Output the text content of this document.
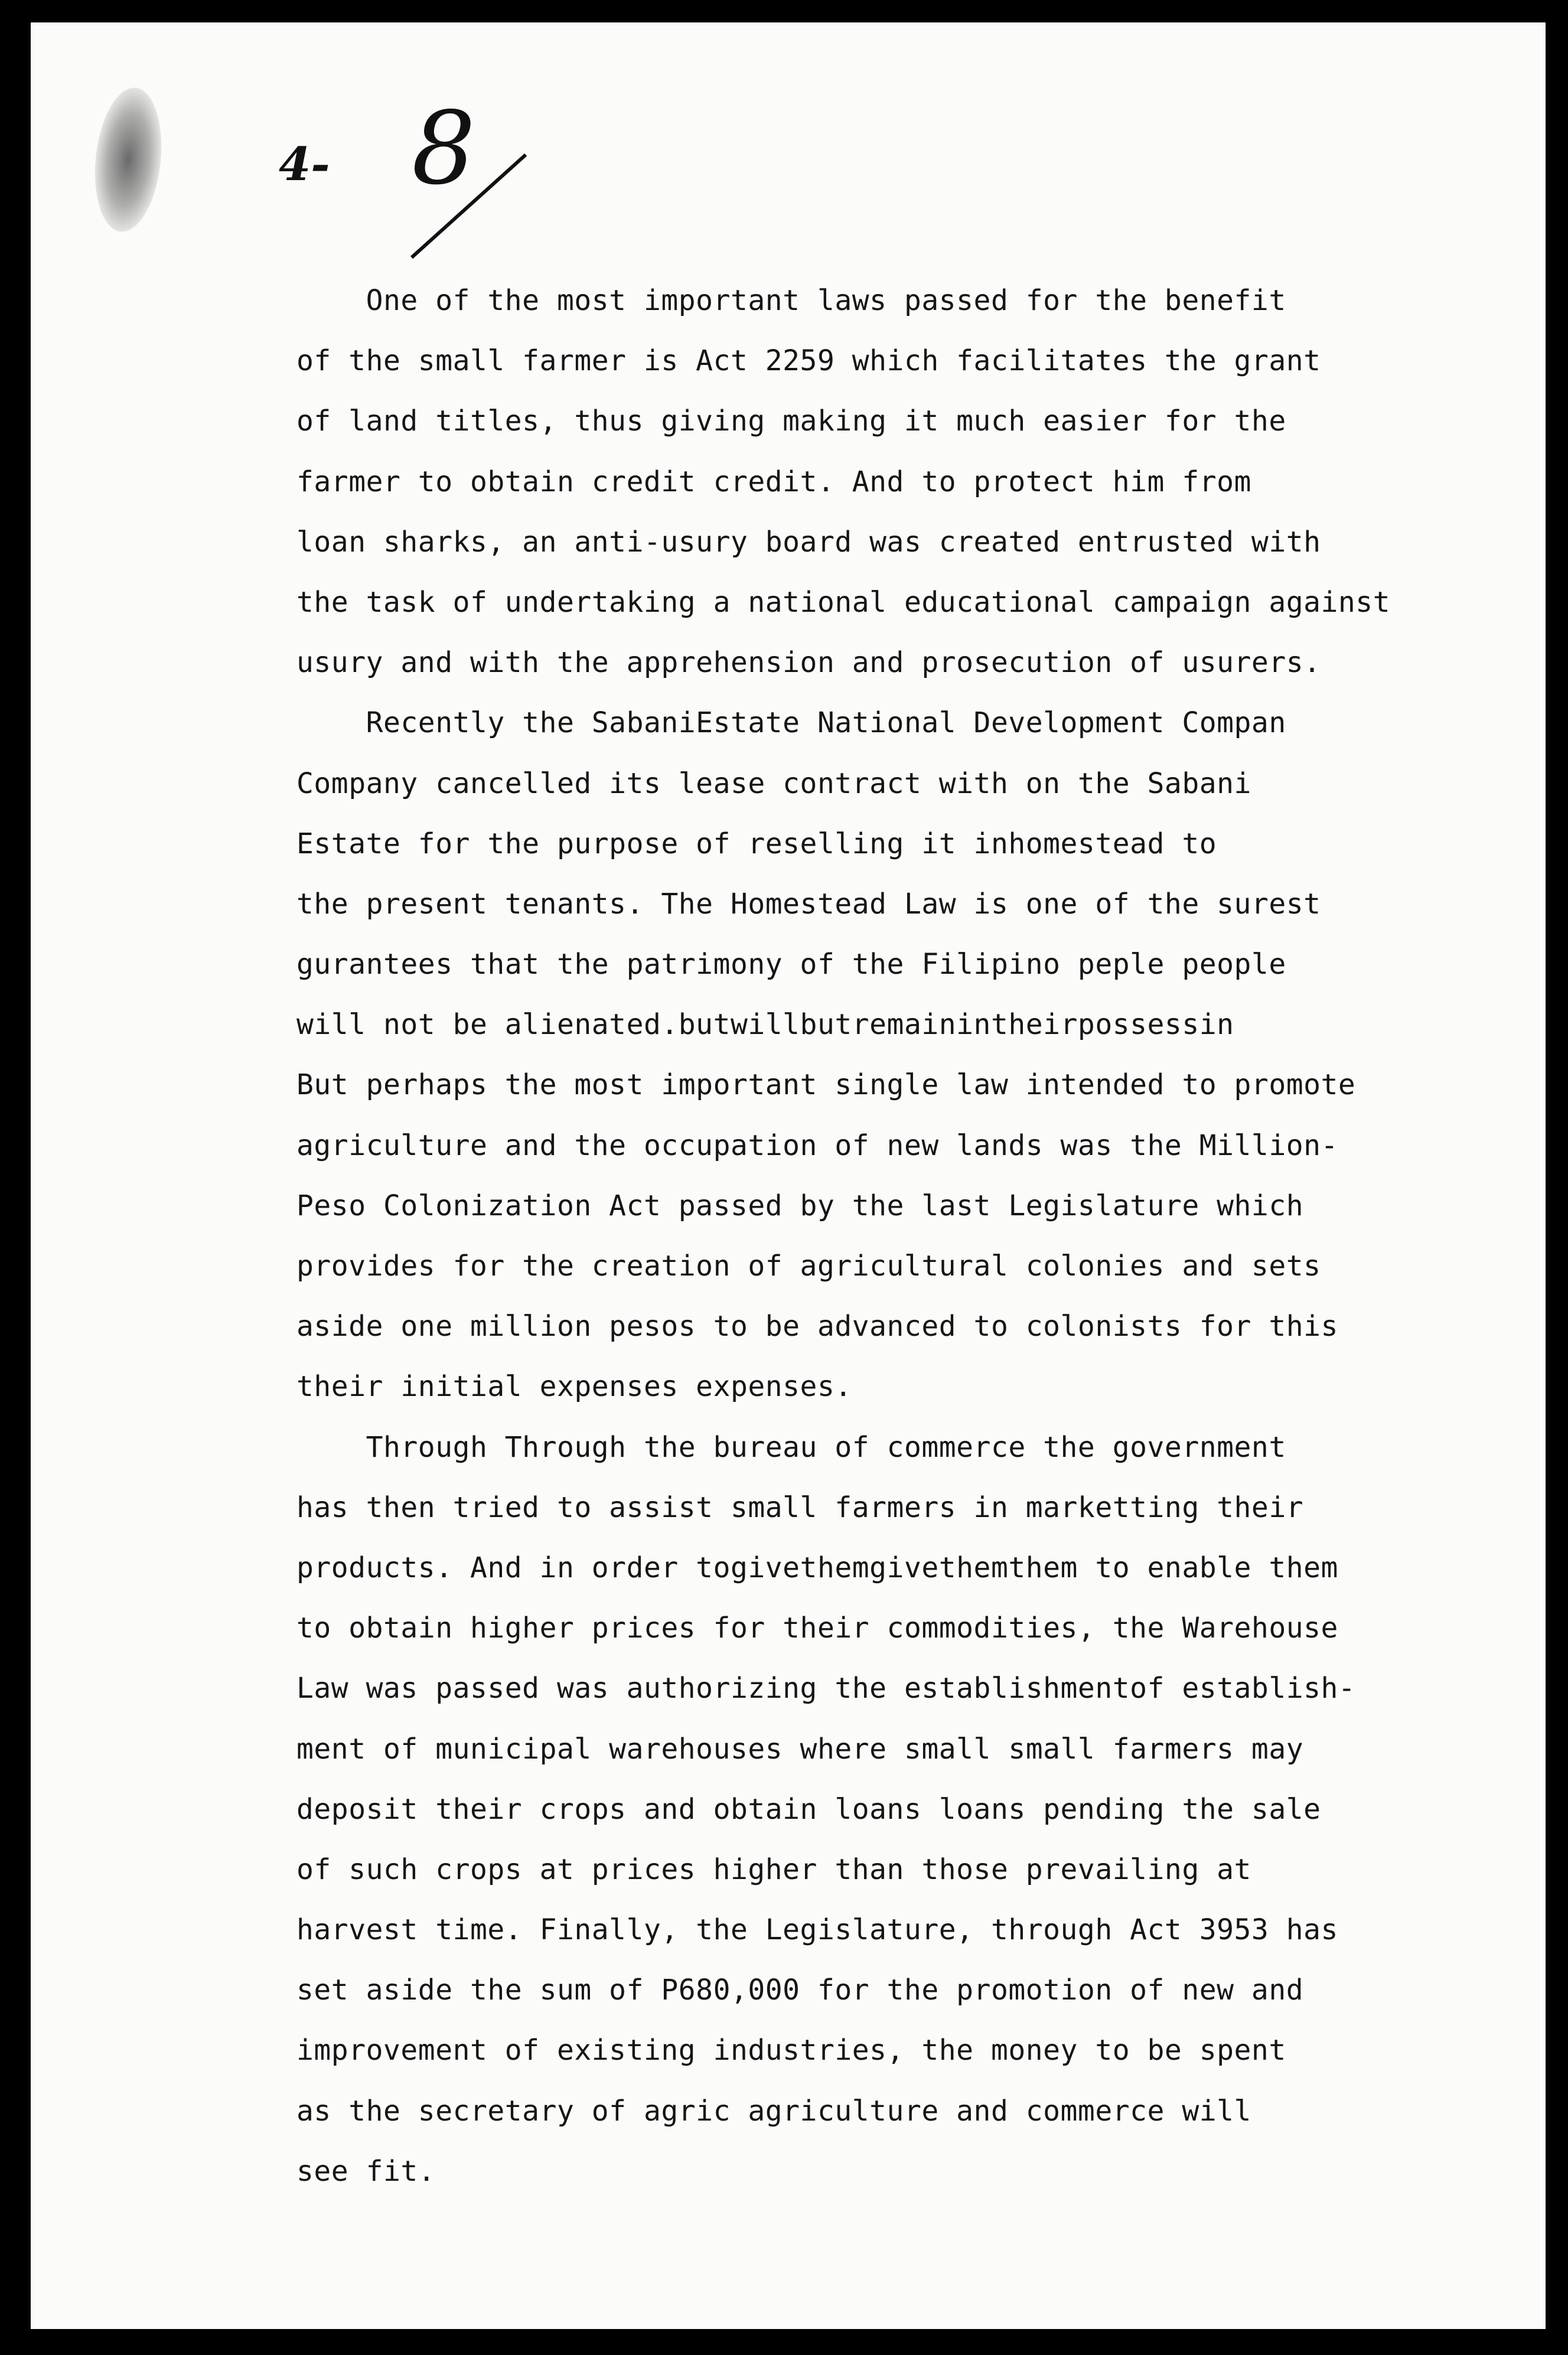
4- 8
One of the most important laws passed for the benefit
of the small farmer is Act 2259 which facilitates the grant
of land titles, thus giving making it much easier for the
farmer to obtain credit credit. And to protect him from
loan sharks, an anti-usury board was created entrusted with
the task of undertaking a national educational campaign against
usury and with the apprehension and prosecution of usurers.
Recently the SabaniEstate National Development Compan
Company cancelled its lease contract with on the Sabani
Estate for the purpose of reselling it inhomestead to
the present tenants. The Homestead Law is one of the surest
gurantees that the patrimony of the Filipino peple people
will not be alienated.butwillbutremainintheirpossessin
But perhaps the most important single law intended to promote
agriculture and the occupation of new lands was the Million-
Peso Colonization Act passed by the last Legislature which
provides for the creation of agricultural colonies and sets
aside one million pesos to be advanced to colonists for this
their initial expenses expenses.
Through Through the bureau of commerce the government
has then tried to assist small farmers in marketting their
products. And in order togivethemgivethemthem to enable them
to obtain higher prices for their commodities, the Warehouse
Law was passed was authorizing the establishmentof establish-
ment of municipal warehouses where small small farmers may
deposit their crops and obtain loans loans pending the sale
of such crops at prices higher than those prevailing at
harvest time. Finally, the Legislature, through Act 3953 has
set aside the sum of P680,000 for the promotion of new and
improvement of existing industries, the money to be spent
as the secretary of agric agriculture and commerce will
see fit.
